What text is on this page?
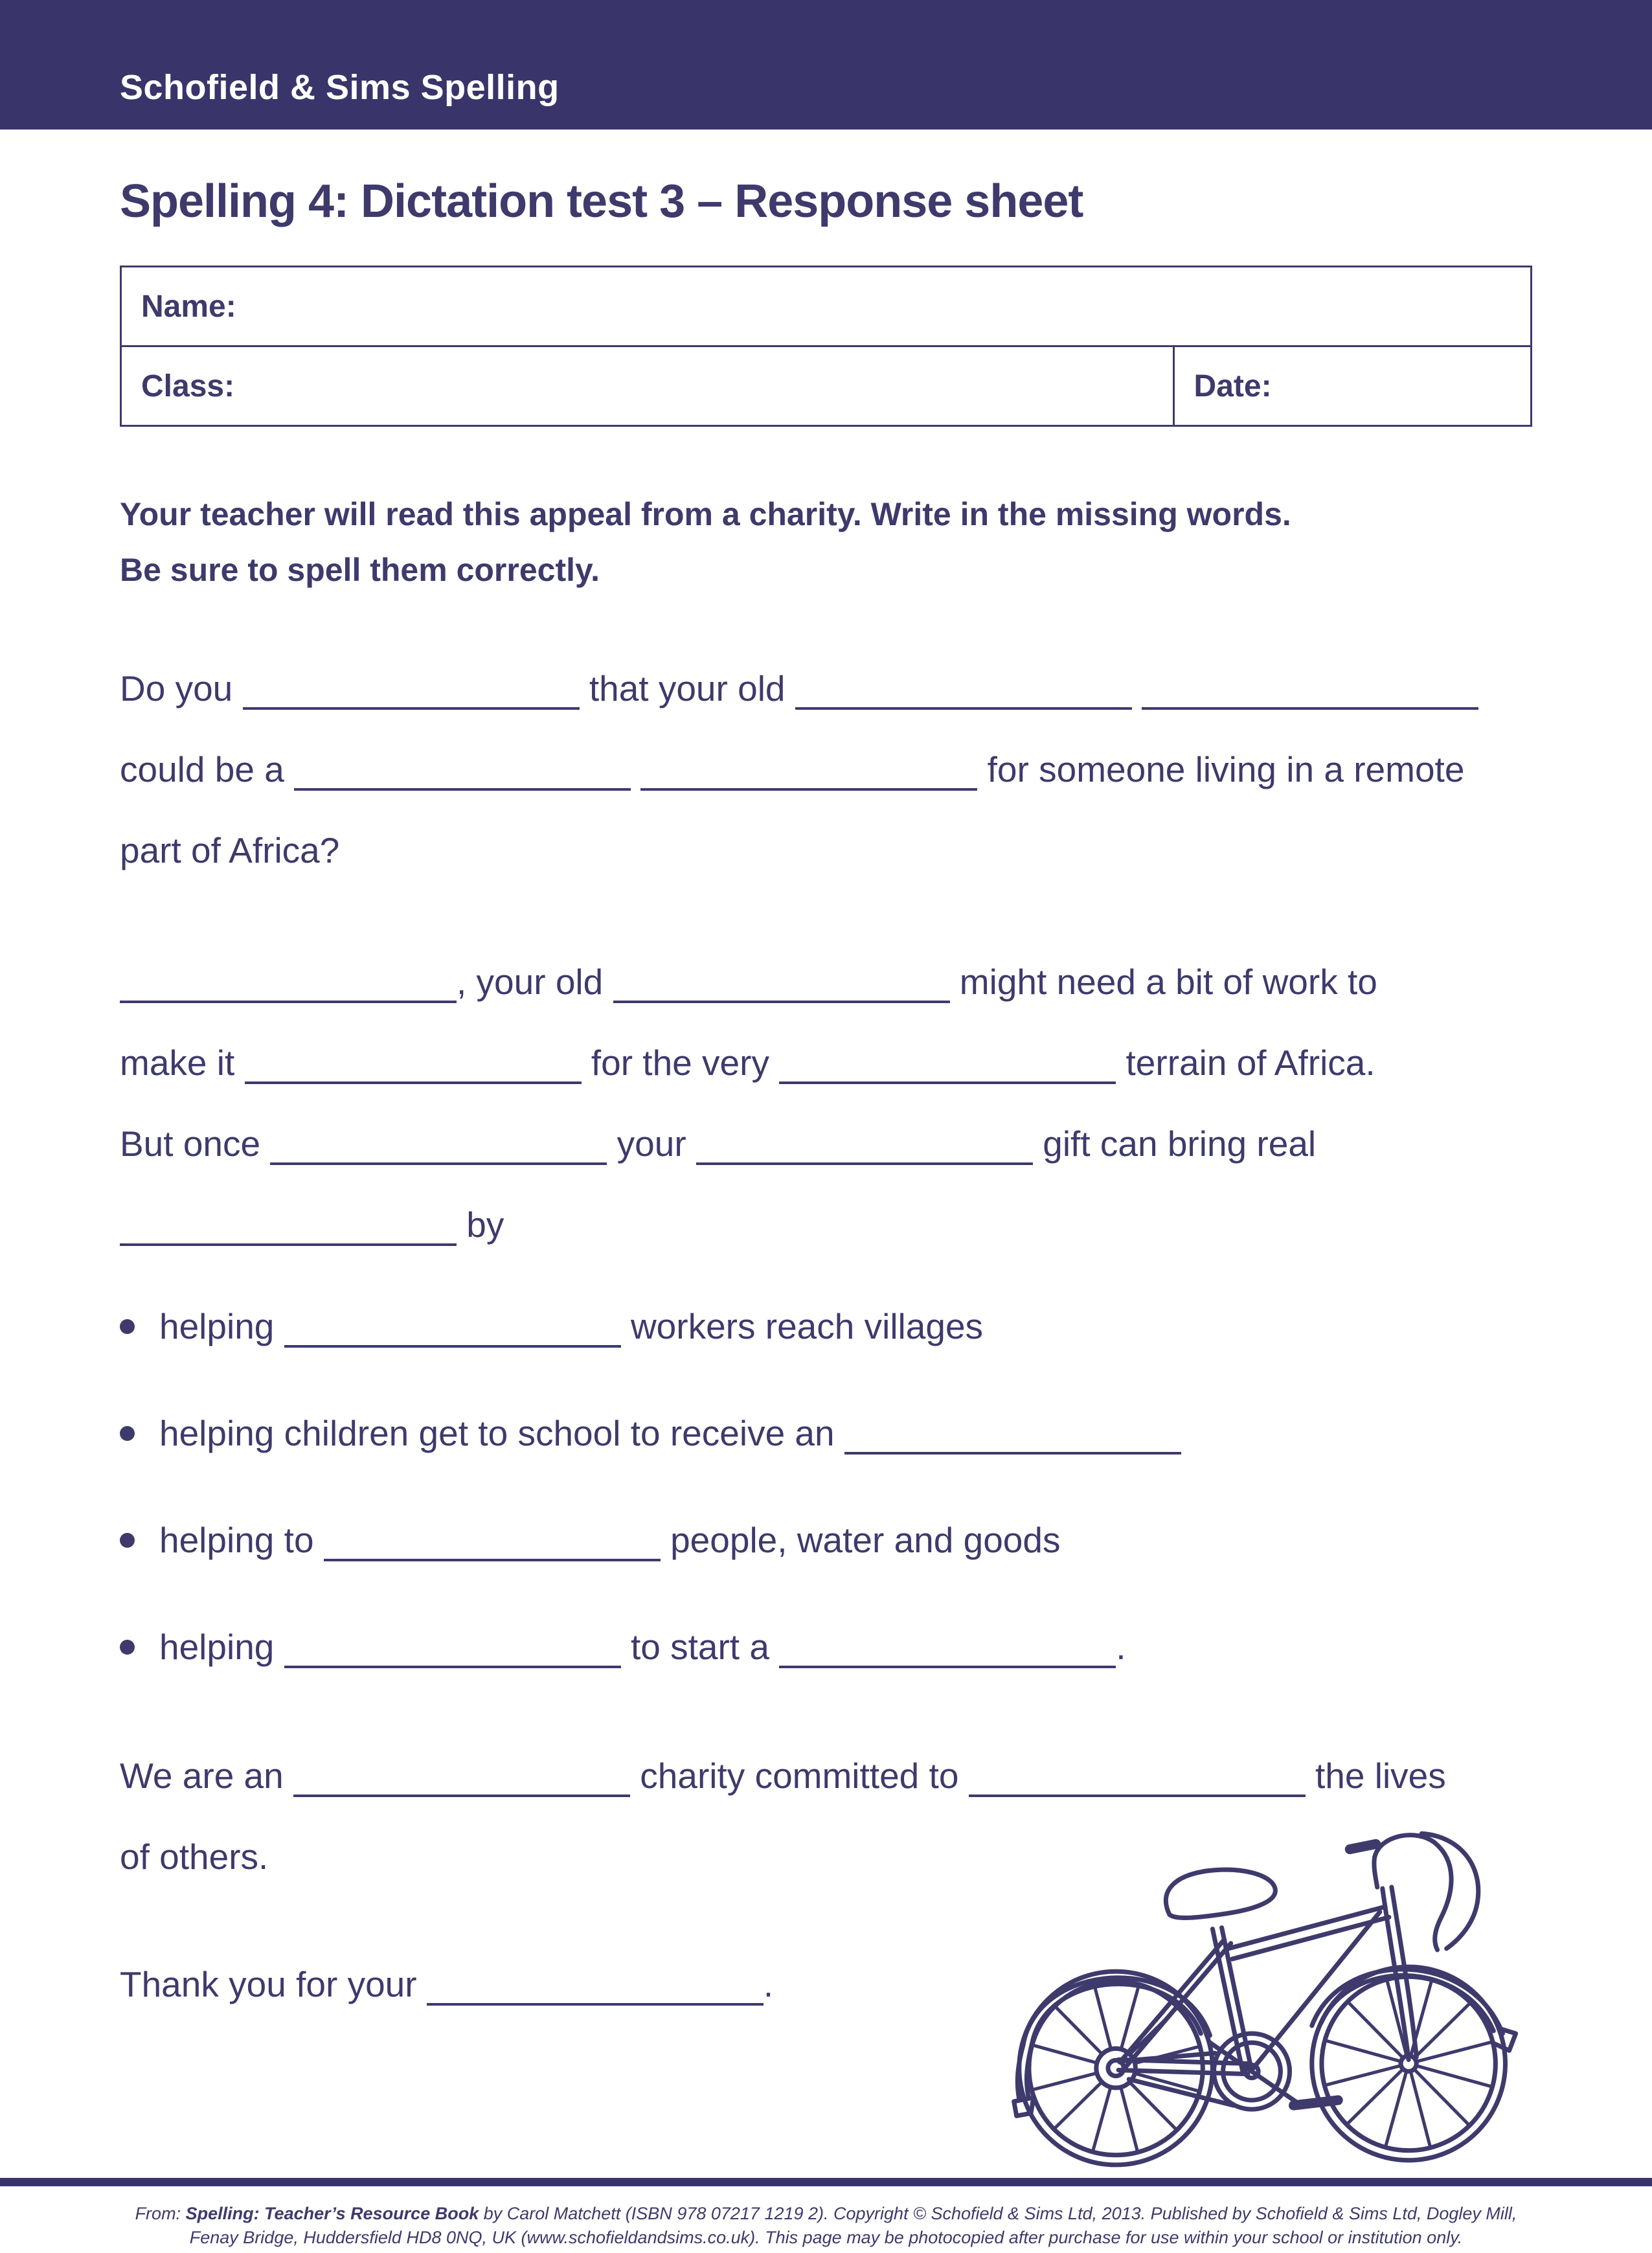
Schofield & Sims Spelling
Spelling 4: Dictation test 3 – Response sheet
Name:
Class:	Date:
Your teacher will read this appeal from a charity. Write in the missing words.
Be sure to spell them correctly.
Do you	that your old
could be a	for someone living in a remote
part of Africa?
, your old	might need a bit of work to
make it	for the very	terrain of Africa.
But once	your	gift can bring real
by
helping	workers reach villages
helping children get to school to receive an
helping to	people, water and goods
helping	to start a	.
We are an	charity committed to	the lives
of others.
Thank you for your	.
From: Spelling: Teacher’s Resource Book by Carol Matchett (ISBN 978 07217 1219 2). Copyright © Schofield & Sims Ltd, 2013. Published by Schofield & Sims Ltd, Dogley Mill,
Fenay Bridge, Huddersfield HD8 0NQ, UK (www.schofieldandsims.co.uk). This page may be photocopied after purchase for use within your school or institution only.
